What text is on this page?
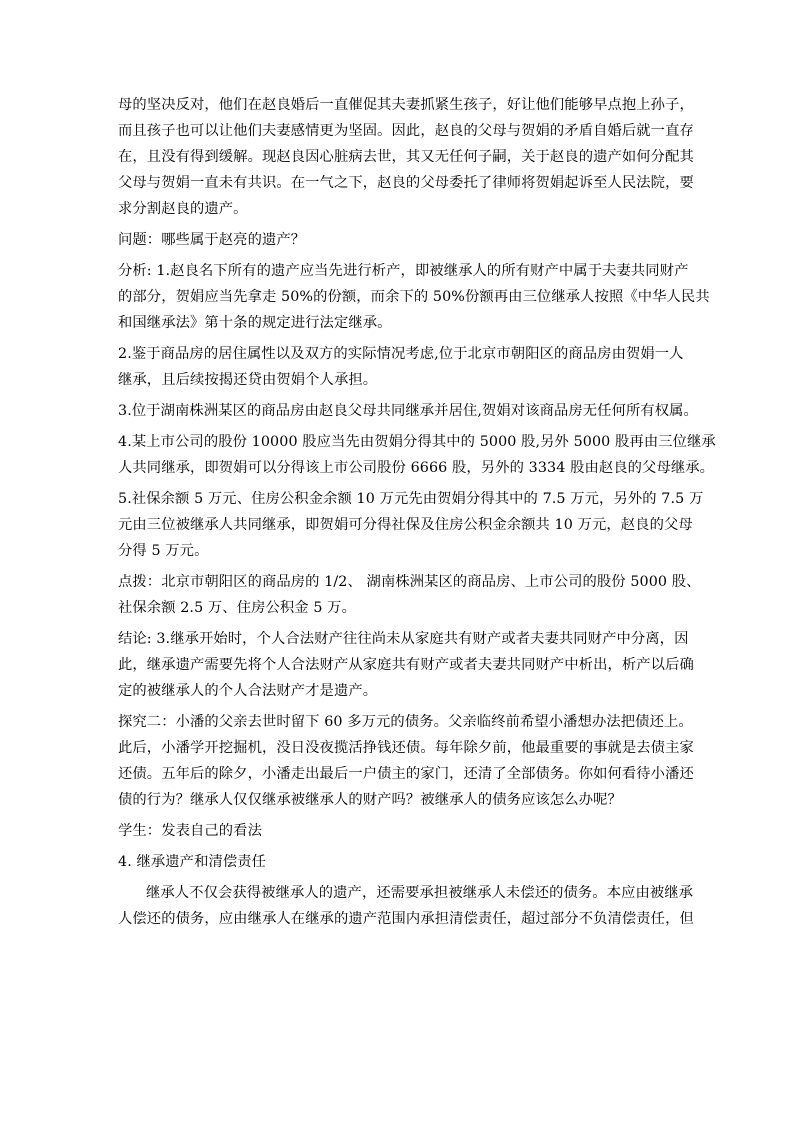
母的坚决反对，他们在赵良婚后一直催促其夫妻抓紧生孩子，好让他们能够早点抱上孙子，
而且孩子也可以让他们夫妻感情更为坚固。因此，赵良的父母与贺娟的矛盾自婚后就一直存
在，且没有得到缓解。现赵良因心脏病去世，其又无任何子嗣，关于赵良的遗产如何分配其
父母与贺娟一直未有共识。在一气之下，赵良的父母委托了律师将贺娟起诉至人民法院，要
求分割赵良的遗产。

问题：哪些属于赵亮的遗产？

分析: 1.赵良名下所有的遗产应当先进行析产，即被继承人的所有财产中属于夫妻共同财产
的部分，贺娟应当先拿走 50%的份额，而余下的 50%份额再由三位继承人按照《中华人民共
和国继承法》第十条的规定进行法定继承。

2.鉴于商品房的居住属性以及双方的实际情况考虑,位于北京市朝阳区的商品房由贺娟一人
继承，且后续按揭还贷由贺娟个人承担。

3.位于湖南株洲某区的商品房由赵良父母共同继承并居住,贺娟对该商品房无任何所有权属。

4.某上市公司的股份 10000 股应当先由贺娟分得其中的 5000 股,另外 5000 股再由三位继承
人共同继承，即贺娟可以分得该上市公司股份 6666 股，另外的 3334 股由赵良的父母继承。

5.社保余额 5 万元、住房公积金余额 10 万元先由贺娟分得其中的 7.5 万元，另外的 7.5 万
元由三位被继承人共同继承，即贺娟可分得社保及住房公积金余额共 10 万元，赵良的父母
分得 5 万元。

点拨：北京市朝阳区的商品房的 1/2、 湖南株洲某区的商品房、上市公司的股份 5000 股、
社保余额 2.5 万、住房公积金 5 万。

结论: 3.继承开始时，个人合法财产往往尚未从家庭共有财产或者夫妻共同财产中分离，因
此，继承遗产需要先将个人合法财产从家庭共有财产或者夫妻共同财产中析出，析产以后确
定的被继承人的个人合法财产才是遗产。

探究二：小潘的父亲去世时留下 60 多万元的债务。父亲临终前希望小潘想办法把债还上。
此后，小潘学开挖掘机，没日没夜揽活挣钱还债。每年除夕前，他最重要的事就是去债主家
还债。五年后的除夕，小潘走出最后一户债主的家门，还清了全部债务。你如何看待小潘还
债的行为？继承人仅仅继承被继承人的财产吗？被继承人的债务应该怎么办呢？

学生：发表自己的看法

4. 继承遗产和清偿责任

继承人不仅会获得被继承人的遗产，还需要承担被继承人未偿还的债务。本应由被继承
人偿还的债务，应由继承人在继承的遗产范围内承担清偿责任，超过部分不负清偿责任，但
